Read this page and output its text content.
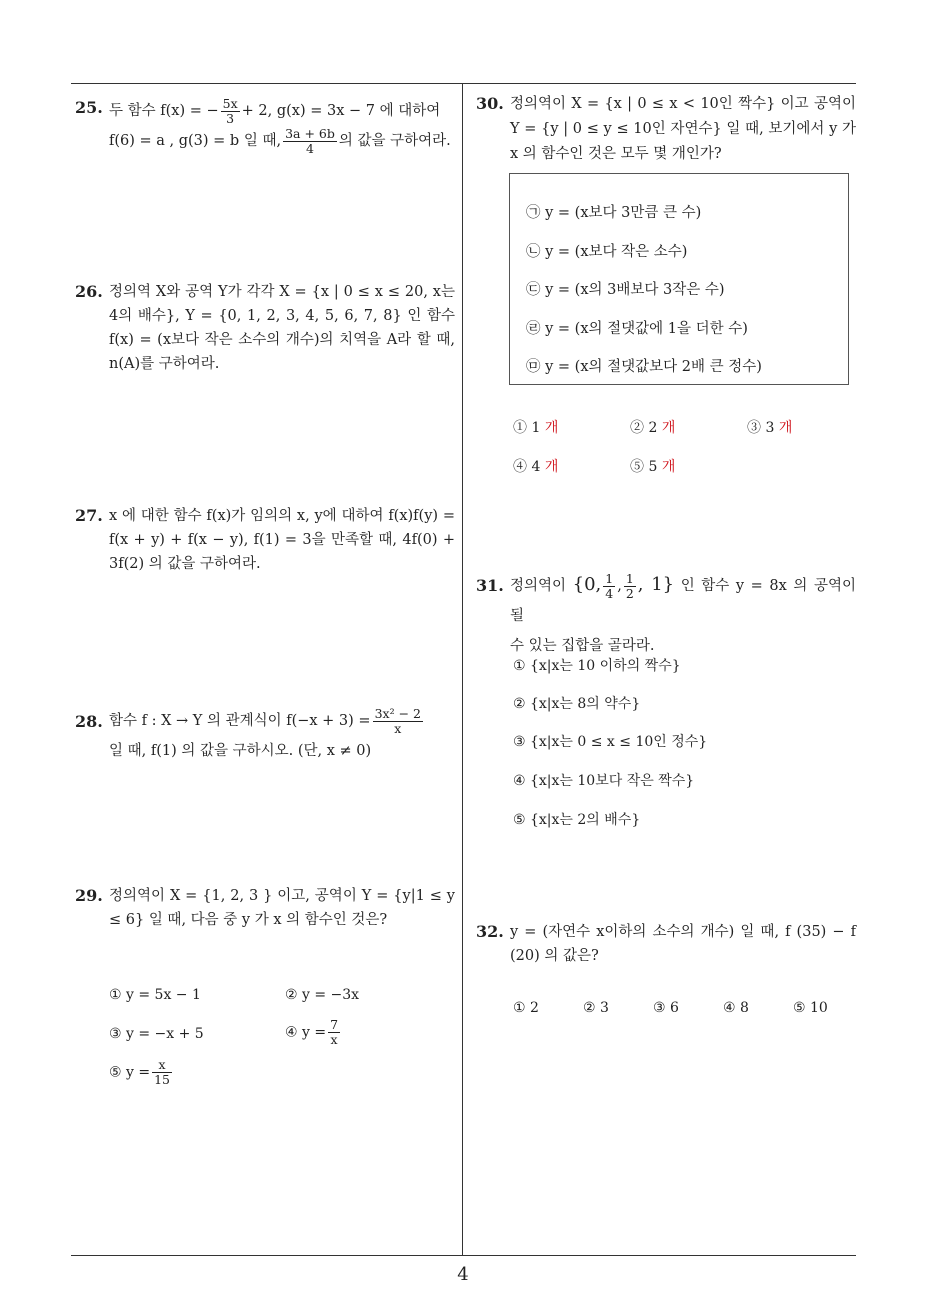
25. 두 함수 f(x) = − $\frac{5x}{3} + 2$, g(x) = 3x − 7 에 대하여

f(6) = a , g(3) = b 일 때, $\frac{3a + 6b}{4}$ 의 값을 구하여라.

26. 정의역 X와 공역 Y가 각각 X = {x | 0 ≤ x ≤ 20, x는 4의 배수}, Y = {0, 1, 2, 3, 4, 5, 6, 7, 8} 인 함수 f(x) = (x보다 작은 소수의 개수)의 치역을 A라 할 때, n(A)를 구하여라.
27. x 에 대한 함수 f(x)가 임의의 x, y에 대하여 f(x)f(y) = f(x + y) + f(x − y), f(1) = 3을 만족할 때, 4f(0) + 3f(2) 의 값을 구하여라.
28. 함수 f : X → Y 의 관계식이 $f(-x + 3) = \frac{\text{3x² − 2}}{x}$

일 때, f(1) 의 값을 구하시오. (단, x ≠ 0)

29. 정의역이 X = {1, 2, 3 } 이고, 공역이 Y = {y|1 ≤ y ≤ 6} 일 때, 다음 중 y 가 x 의 함수인 것은?
① y = 5x − 1	② y = −3x
③ y = −x + 5	④ $y = \frac{7}{x}$
⑤ $y = \frac{x}{15}$
30. 정의역이 X = {x | 0 ≤ x < 10인 짝수} 이고 공역이 Y = {y | 0 ≤ y ≤ 10인 자연수} 일 때, 보기에서 y 가 x 의 함수인 것은 모두 몇 개인가?
㉠ y = (x보다 3만큼 큰 수)
㉡ y = (x보다 작은 소수)
㉢ y = (x의 3배보다 3작은 수)
㉣ y = (x의 절댓값에 1을 더한 수)
㉤ y = (x의 절댓값보다 2배 큰 정수)
① 1 개	② 2 개	③ 3 개
④ 4 개	⑤ 5 개
31. 정의역이 {0, $\frac{1}{4}$ , $\frac{1}{2}$ , 1} 인 함수 y = 8x 의 공역이 될

수 있는 집합을 골라라.

① {x|x는 10 이하의 짝수}
② {x|x는 8의 약수}
③ {x|x는 0 ≤ x ≤ 10인 정수}
④ {x|x는 10보다 작은 짝수}
⑤ {x|x는 2의 배수}
32. y = (자연수 x이하의 소수의 개수) 일 때, f (35) − f (20) 의 값은?
① 2	② 3	③ 6	④ 8	⑤ 10
4
